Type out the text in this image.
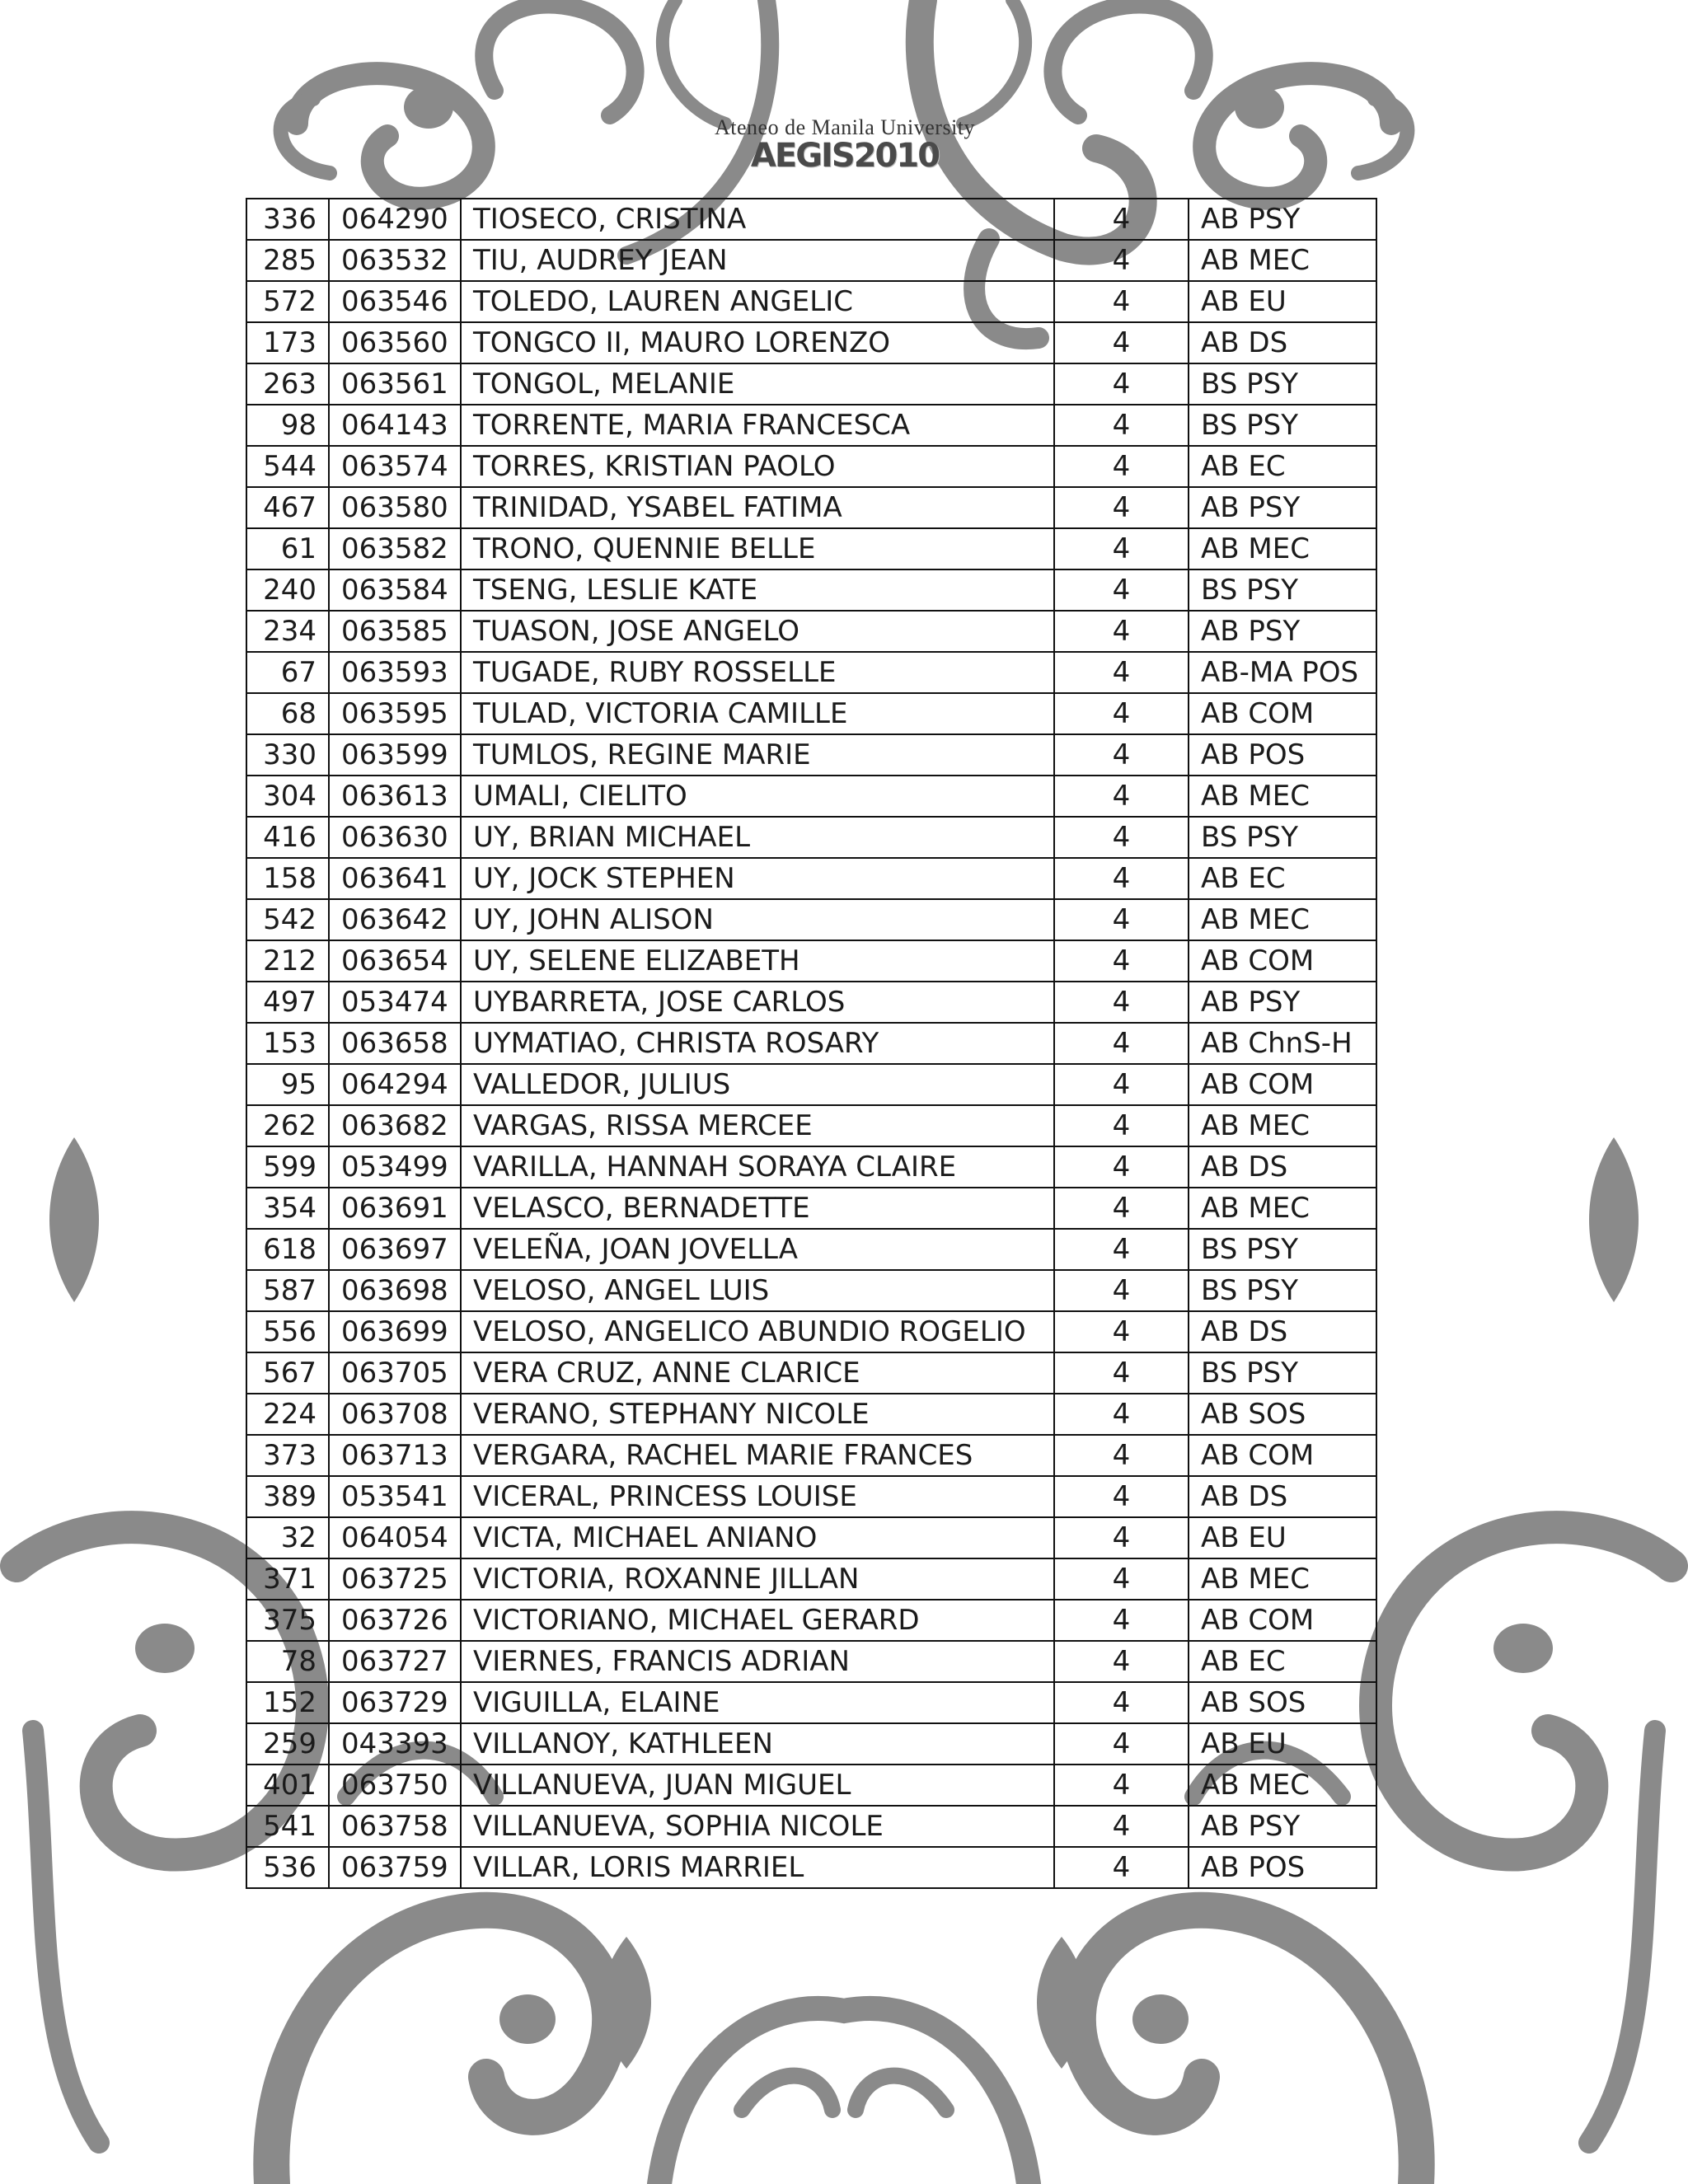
Ateneo de Manila University
AEGIS2010
336	064290	TIOSECO, CRISTINA	4	AB PSY
285	063532	TIU, AUDREY JEAN	4	AB MEC
572	063546	TOLEDO, LAUREN ANGELIC	4	AB EU
173	063560	TONGCO II, MAURO LORENZO	4	AB DS
263	063561	TONGOL, MELANIE	4	BS PSY
98	064143	TORRENTE, MARIA FRANCESCA	4	BS PSY
544	063574	TORRES, KRISTIAN PAOLO	4	AB EC
467	063580	TRINIDAD, YSABEL FATIMA	4	AB PSY
61	063582	TRONO, QUENNIE BELLE	4	AB MEC
240	063584	TSENG, LESLIE KATE	4	BS PSY
234	063585	TUASON, JOSE ANGELO	4	AB PSY
67	063593	TUGADE, RUBY ROSSELLE	4	AB-MA POS
68	063595	TULAD, VICTORIA CAMILLE	4	AB COM
330	063599	TUMLOS, REGINE MARIE	4	AB POS
304	063613	UMALI, CIELITO	4	AB MEC
416	063630	UY, BRIAN MICHAEL	4	BS PSY
158	063641	UY, JOCK STEPHEN	4	AB EC
542	063642	UY, JOHN ALISON	4	AB MEC
212	063654	UY, SELENE ELIZABETH	4	AB COM
497	053474	UYBARRETA, JOSE CARLOS	4	AB PSY
153	063658	UYMATIAO, CHRISTA ROSARY	4	AB ChnS-H
95	064294	VALLEDOR, JULIUS	4	AB COM
262	063682	VARGAS, RISSA MERCEE	4	AB MEC
599	053499	VARILLA, HANNAH SORAYA CLAIRE	4	AB DS
354	063691	VELASCO, BERNADETTE	4	AB MEC
618	063697	VELEÑA, JOAN JOVELLA	4	BS PSY
587	063698	VELOSO, ANGEL LUIS	4	BS PSY
556	063699	VELOSO, ANGELICO ABUNDIO ROGELIO	4	AB DS
567	063705	VERA CRUZ, ANNE CLARICE	4	BS PSY
224	063708	VERANO, STEPHANY NICOLE	4	AB SOS
373	063713	VERGARA, RACHEL MARIE FRANCES	4	AB COM
389	053541	VICERAL, PRINCESS LOUISE	4	AB DS
32	064054	VICTA, MICHAEL ANIANO	4	AB EU
371	063725	VICTORIA, ROXANNE JILLAN	4	AB MEC
375	063726	VICTORIANO, MICHAEL GERARD	4	AB COM
78	063727	VIERNES, FRANCIS ADRIAN	4	AB EC
152	063729	VIGUILLA, ELAINE	4	AB SOS
259	043393	VILLANOY, KATHLEEN	4	AB EU
401	063750	VILLANUEVA, JUAN MIGUEL	4	AB MEC
541	063758	VILLANUEVA, SOPHIA NICOLE	4	AB PSY
536	063759	VILLAR, LORIS MARRIEL	4	AB POS
